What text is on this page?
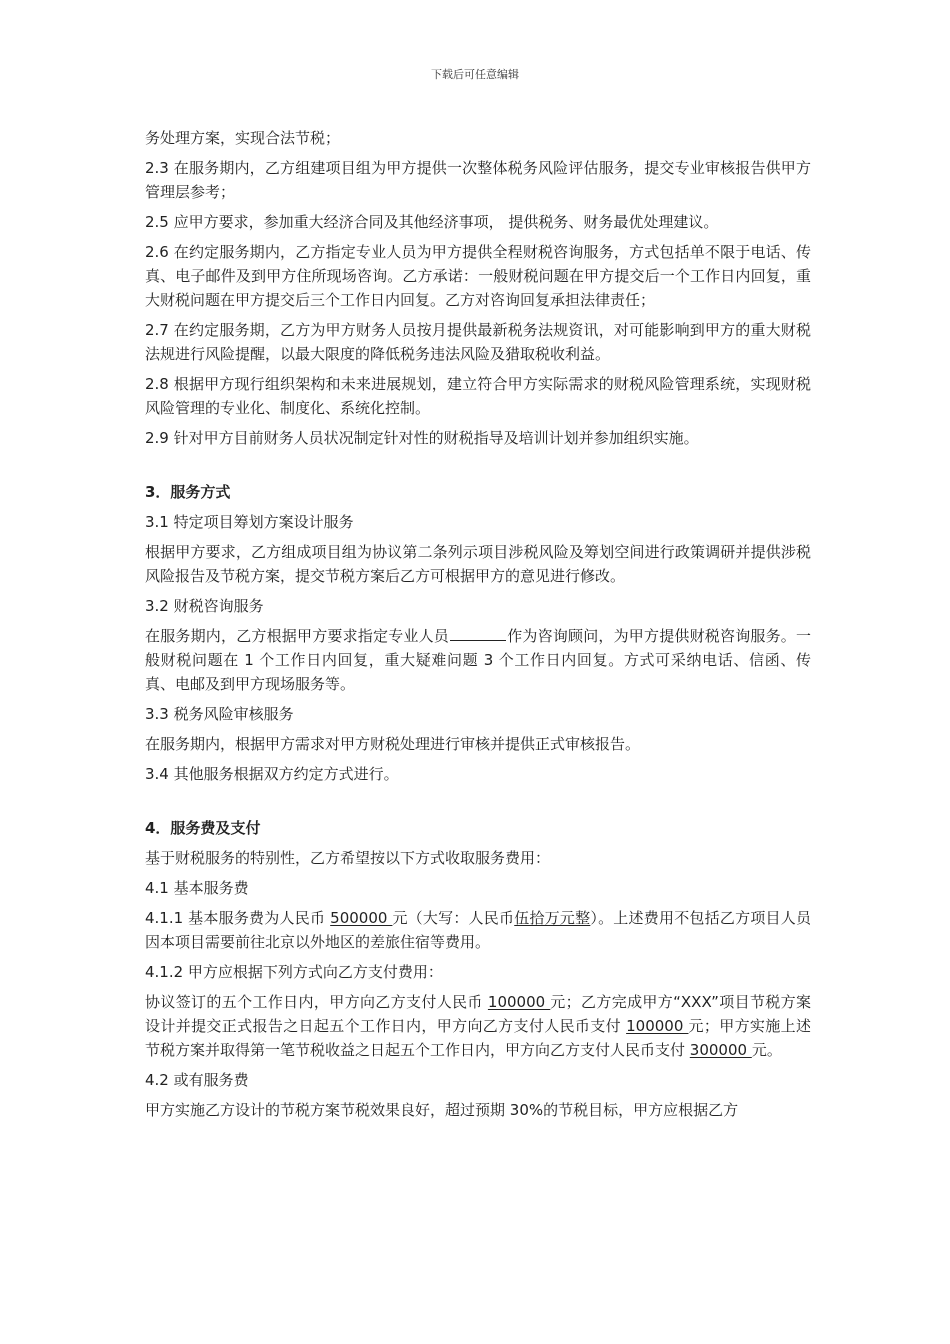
下载后可任意编辑

务处理方案，实现合法节税；

2.3 在服务期内，乙方组建项目组为甲方提供一次整体税务风险评估服务，提交专业审核报告供甲方管理层参考；

2.5 应甲方要求，参加重大经济合同及其他经济事项， 提供税务、财务最优处理建议。

2.6 在约定服务期内，乙方指定专业人员为甲方提供全程财税咨询服务，方式包括单不限于电话、传真、电子邮件及到甲方住所现场咨询。乙方承诺：一般财税问题在甲方提交后一个工作日内回复，重大财税问题在甲方提交后三个工作日内回复。乙方对咨询回复承担法律责任；

2.7 在约定服务期，乙方为甲方财务人员按月提供最新税务法规资讯，对可能影响到甲方的重大财税法规进行风险提醒，以最大限度的降低税务违法风险及猎取税收利益。

2.8 根据甲方现行组织架构和未来进展规划，建立符合甲方实际需求的财税风险管理系统，实现财税风险管理的专业化、制度化、系统化控制。

2.9 针对甲方目前财务人员状况制定针对性的财税指导及培训计划并参加组织实施。

3．服务方式

3.1 特定项目筹划方案设计服务

根据甲方要求，乙方组成项目组为协议第二条列示项目涉税风险及筹划空间进行政策调研并提供涉税风险报告及节税方案，提交节税方案后乙方可根据甲方的意见进行修改。

3.2 财税咨询服务

在服务期内，乙方根据甲方要求指定专业人员	作为咨询顾问，为甲方提供财税咨询服务。一般财税问题在 1 个工作日内回复，重大疑难问题 3 个工作日内回复。方式可采纳电话、信函、传真、电邮及到甲方现场服务等。

3.3 税务风险审核服务

在服务期内，根据甲方需求对甲方财税处理进行审核并提供正式审核报告。

3.4 其他服务根据双方约定方式进行。

4．服务费及支付

基于财税服务的特别性，乙方希望按以下方式收取服务费用：

4.1 基本服务费

4.1.1 基本服务费为人民币 500000 元（大写：人民币伍拾万元整）。上述费用不包括乙方项目人员因本项目需要前往北京以外地区的差旅住宿等费用。

4.1.2 甲方应根据下列方式向乙方支付费用：

协议签订的五个工作日内，甲方向乙方支付人民币 100000 元；乙方完成甲方“XXX”项目节税方案设计并提交正式报告之日起五个工作日内，甲方向乙方支付人民币支付 100000 元；甲方实施上述节税方案并取得第一笔节税收益之日起五个工作日内，甲方向乙方支付人民币支付 300000 元。

4.2 或有服务费

甲方实施乙方设计的节税方案节税效果良好，超过预期 30%的节税目标，甲方应根据乙方
